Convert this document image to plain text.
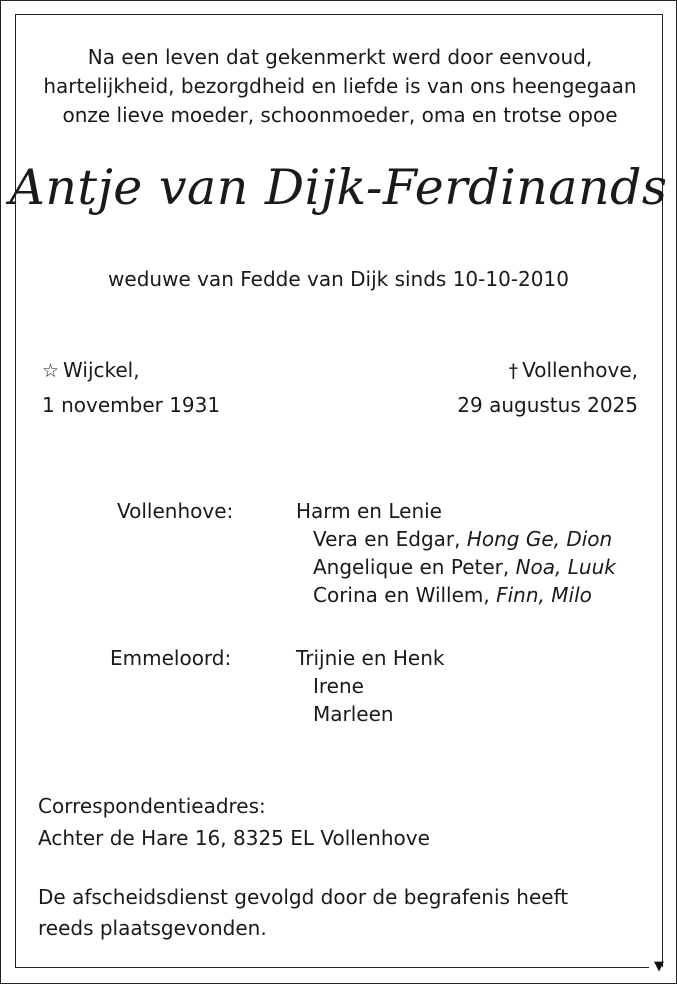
▼
Na een leven dat gekenmerkt werd door eenvoud,
hartelijkheid, bezorgdheid en liefde is van ons heengegaan
onze lieve moeder, schoonmoeder, oma en trotse opoe
Antje van Dijk-Ferdinands
weduwe van Fedde van Dijk sinds 10-10-2010
☆ Wijckel,
1 november 1931
† Vollenhove,
29 augustus 2025
Vollenhove:	Harm en Lenie
Vera en Edgar, Hong Ge, Dion
Angelique en Peter, Noa, Luuk
Corina en Willem, Finn, Milo
Emmeloord:	Trijnie en Henk
Irene
Marleen
Correspondentieadres:
Achter de Hare 16, 8325 EL Vollenhove
De afscheidsdienst gevolgd door de begrafenis heeft
reeds plaatsgevonden.
